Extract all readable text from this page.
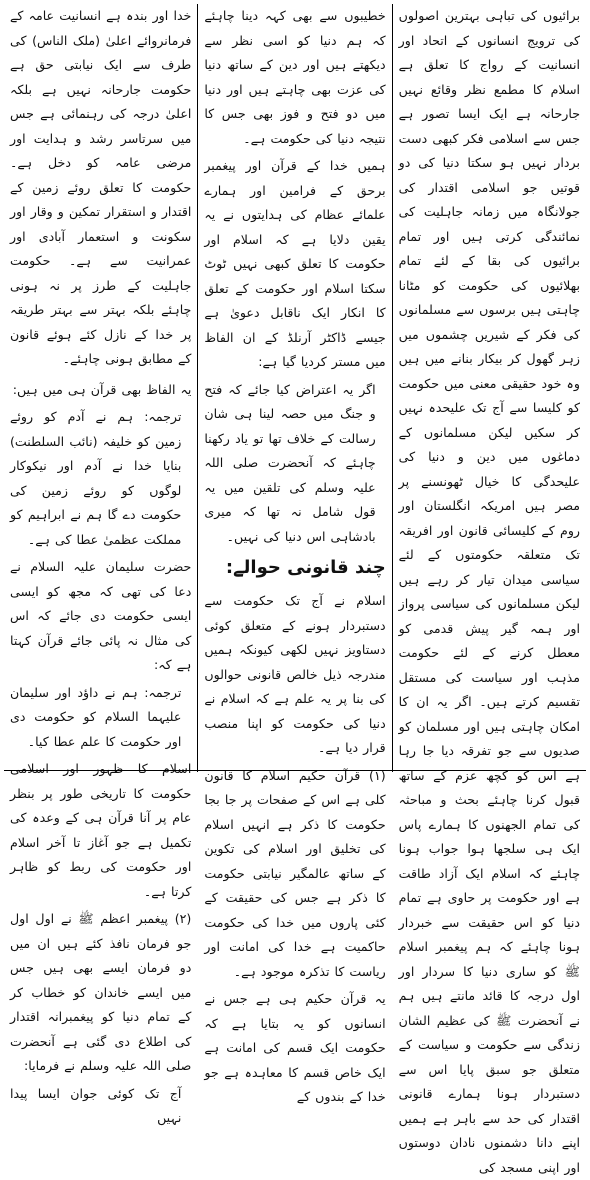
برائیوں کی تباہی بہترین اصولوں کی ترویج انسانوں کے اتحاد اور انسانیت کے رواج کا تعلق ہے اسلام کا مطمع نظر وقائع نہیں جارحانہ ہے ایک ایسا تصور ہے جس سے اسلامی فکر کبھی دست بردار نہیں ہو سکتا دنیا کی دو قوتیں جو اسلامی اقتدار کی جولانگاہ میں زمانہ جاہلیت کی نمائندگی کرتی ہیں اور تمام برائیوں کی بقا کے لئے تمام بھلائیوں کی حکومت کو مٹانا چاہتی ہیں برسوں سے مسلمانوں کی فکر کے شیریں چشموں میں زہر گھول کر بیکار بنانے میں ہیں وہ خود حقیقی معنی میں حکومت کو کلیسا سے آج تک علیحدہ نہیں کر سکیں لیکن مسلمانوں کے دماغوں میں دین و دنیا کی علیحدگی کا خیال ٹھونسنے پر مصر ہیں امریکہ انگلستان اور روم کے کلیسائی قانون اور افریقہ تک متعلقہ حکومتوں کے لئے سیاسی میدان تیار کر رہے ہیں لیکن مسلمانوں کی سیاسی پرواز اور ہمہ گیر پیش قدمی کو معطل کرنے کے لئے حکومت مذہب اور سیاست کی مستقل تقسیم کرتے ہیں۔ اگر یہ ان کا امکان چاہتی ہیں اور مسلمان کو صدیوں سے جو تفرقہ دیا جا رہا ہے اس کو کچھ عزم کے ساتھ قبول کرنا چاہئے بحث و مباحثہ کی تمام الجھنوں کا ہمارے پاس ایک ہی سلجھا ہوا جواب ہونا چاہئے کہ اسلام ایک آزاد طاقت ہے اور حکومت پر حاوی ہے تمام دنیا کو اس حقیقت سے خبردار ہونا چاہئے کہ ہم پیغمبر اسلام ﷺ کو ساری دنیا کا سردار اور اول درجہ کا قائد مانتے ہیں ہم نے آنحضرت ﷺ کی عظیم الشان زندگی سے حکومت و سیاست کے متعلق جو سبق پایا اس سے دستبردار ہونا ہمارے قانونی اقتدار کی حد سے باہر ہے ہمیں اپنے دانا دشمنوں نادان دوستوں اور اپنی مسجد کی

خطیبوں سے بھی کہہ دینا چاہئے کہ ہم دنیا کو اسی نظر سے دیکھتے ہیں اور دین کے ساتھ دنیا کی عزت بھی چاہتے ہیں اور دنیا میں دو فتح و فوز بھی جس کا نتیجہ دنیا کی حکومت ہے۔

ہمیں خدا کے قرآن اور پیغمبر برحق کے فرامین اور ہمارے علمائے عظام کی ہدایتوں نے یہ یقین دلایا ہے کہ اسلام اور حکومت کا تعلق کبھی نہیں ٹوٹ سکتا اسلام اور حکومت کے تعلق کا انکار ایک ناقابل دعویٰ ہے جیسے ڈاکٹر آرنلڈ کے ان الفاظ میں مستر کردیا گیا ہے:

اگر یہ اعتراض کیا جائے کہ فتح و جنگ میں حصہ لینا ہی شان رسالت کے خلاف تھا تو یاد رکھنا چاہئے کہ آنحضرت صلی اللہ علیہ وسلم کی تلقین میں یہ قول شامل نہ تھا کہ میری بادشاہی اس دنیا کی نہیں۔

چند قانونی حوالے:

اسلام نے آج تک حکومت سے دستبردار ہونے کے متعلق کوئی دستاویز نہیں لکھی کیونکہ ہمیں مندرجہ ذیل خالص قانونی حوالوں کی بنا پر یہ علم ہے کہ اسلام نے دنیا کی حکومت کو اپنا منصب قرار دیا ہے۔

(۱) قرآن حکیم اسلام کا قانون کلی ہے اس کے صفحات پر جا بجا حکومت کا ذکر ہے انہیں اسلام کی تخلیق اور اسلام کی تکوین کے ساتھ عالمگیر نیابتی حکومت کا ذکر ہے جس کی حقیقت کے کئی پاروں میں خدا کی حکومت حاکمیت ہے خدا کی امانت اور ریاست کا تذکرہ موجود ہے۔

یہ قرآن حکیم ہی ہے جس نے انسانوں کو یہ بتایا ہے کہ حکومت ایک قسم کی امانت ہے ایک خاص قسم کا معاہدہ ہے جو خدا کے بندوں کے

خدا اور بندہ ہے انسانیت عامہ کے فرمانروائے اعلیٰ (ملک الناس) کی طرف سے ایک نیابتی حق ہے حکومت جارحانہ نہیں ہے بلکہ اعلیٰ درجہ کی رہنمائی ہے جس میں سرتاسر رشد و ہدایت اور مرضی عامہ کو دخل ہے۔ حکومت کا تعلق روئے زمین کے اقتدار و استقرار تمکین و وقار اور سکونت و استعمار آبادی اور عمرانیت سے ہے۔ حکومت جاہلیت کے طرز پر نہ ہونی چاہئے بلکہ بہتر سے بہتر طریقہ پر خدا کے نازل کئے ہوئے قانون کے مطابق ہونی چاہئے۔

یہ الفاظ بھی قرآن ہی میں ہیں:

ترجمہ: ہم نے آدم کو روئے زمین کو خلیفہ (نائب السلطنت) بنایا خدا نے آدم اور نیکوکار لوگوں کو روئے زمین کی حکومت دے گا ہم نے ابراہیم کو مملکت عظمیٰ عطا کی ہے۔

حضرت سلیمان علیہ السلام نے دعا کی تھی کہ مجھ کو ایسی ایسی حکومت دی جائے کہ اس کی مثال نہ پائی جائے قرآن کہتا ہے کہ:

ترجمہ: ہم نے داؤد اور سلیمان علیہما السلام کو حکومت دی اور حکومت کا علم عطا کیا۔

اسلام کا ظہور اور اسلامی حکومت کا تاریخی طور پر بنظر عام پر آنا قرآن ہی کے وعدہ کی تکمیل ہے جو آغاز تا آخر اسلام اور حکومت کی ربط کو ظاہر کرتا ہے۔

(۲) پیغمبر اعظم ﷺ نے اول اول جو فرمان نافذ کئے ہیں ان میں دو فرمان ایسے بھی ہیں جس میں ایسے خاندان کو خطاب کر کے تمام دنیا کو پیغمبرانہ اقتدار کی اطلاع دی گئی ہے آنحضرت صلی اللہ علیہ وسلم نے فرمایا:

آج تک کوئی جوان ایسا پیدا نہیں
